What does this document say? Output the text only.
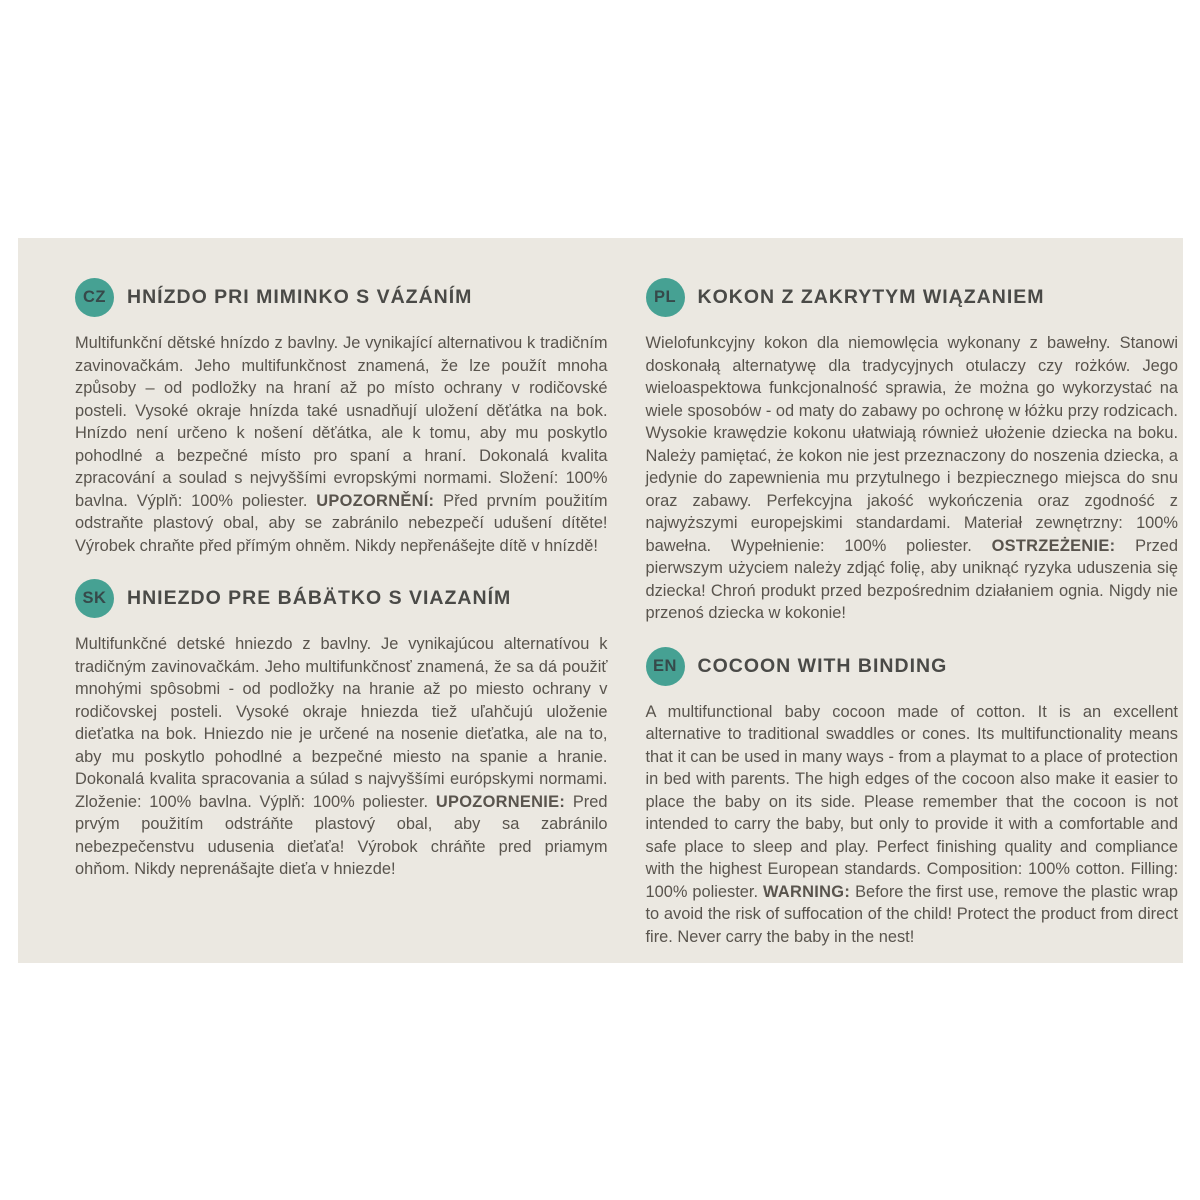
CZ	HNÍZDO PRI MIMINKO S VÁZÁNÍM

Multifunkční dětské hnízdo z bavlny. Je vynikající alternativou k tradičním zavinovačkám. Jeho multifunkčnost znamená, že lze použít mnoha způsoby – od podložky na hraní až po místo ochrany v rodičovské posteli. Vysoké okraje hnízda také usnadňují uložení děťátka na bok. Hnízdo není určeno k nošení děťátka, ale k tomu, aby mu poskytlo pohodlné a bezpečné místo pro spaní a hraní. Dokonalá kvalita zpracování a soulad s nejvyššími evropskými normami. Složení: 100% bavlna. Výplň: 100% poliester. UPOZORNĚNÍ: Před prvním použitím odstraňte plastový obal, aby se zabránilo nebezpečí udušení dítěte! Výrobek chraňte před přímým ohněm. Nikdy nepřenášejte dítě v hnízdě!

SK	HNIEZDO PRE BÁBÄTKO S VIAZANÍM

Multifunkčné detské hniezdo z bavlny. Je vynikajúcou alternatívou k tradičným zavinovačkám. Jeho multifunkčnosť znamená, že sa dá použiť mnohými spôsobmi - od podložky na hranie až po miesto ochrany v rodičovskej posteli. Vysoké okraje hniezda tiež uľahčujú uloženie dieťatka na bok. Hniezdo nie je určené na nosenie dieťatka, ale na to, aby mu poskytlo pohodlné a bezpečné miesto na spanie a hranie. Dokonalá kvalita spracovania a súlad s najvyššími európskymi normami. Zloženie: 100% bavlna. Výplň: 100% poliester. UPOZORNENIE: Pred prvým použitím odstráňte plastový obal, aby sa zabránilo nebezpečenstvu udusenia dieťaťa! Výrobok chráňte pred priamym ohňom. Nikdy neprenášajte dieťa v hniezde!

PL	KOKON Z ZAKRYTYM WIĄZANIEM

Wielofunkcyjny kokon dla niemowlęcia wykonany z bawełny. Stanowi doskonałą alternatywę dla tradycyjnych otulaczy czy rożków. Jego wieloaspektowa funkcjonalność sprawia, że można go wykorzystać na wiele sposobów - od maty do zabawy po ochronę w łóżku przy rodzicach. Wysokie krawędzie kokonu ułatwiają również ułożenie dziecka na boku. Należy pamiętać, że kokon nie jest przeznaczony do noszenia dziecka, a jedynie do zapewnienia mu przytulnego i bezpiecznego miejsca do snu oraz zabawy. Perfekcyjna jakość wykończenia oraz zgodność z najwyższymi europejskimi standardami. Materiał zewnętrzny: 100% bawełna. Wypełnienie: 100% poliester. OSTRZEŻENIE: Przed pierwszym użyciem należy zdjąć folię, aby uniknąć ryzyka uduszenia się dziecka! Chroń produkt przed bezpośrednim działaniem ognia. Nigdy nie przenoś dziecka w kokonie!

EN	COCOON WITH BINDING

A multifunctional baby cocoon made of cotton. It is an excellent alternative to traditional swaddles or cones. Its multifunctionality means that it can be used in many ways - from a playmat to a place of protection in bed with parents. The high edges of the cocoon also make it easier to place the baby on its side. Please remember that the cocoon is not intended to carry the baby, but only to provide it with a comfortable and safe place to sleep and play. Perfect finishing quality and compliance with the highest European standards. Composition: 100% cotton. Filling: 100% poliester. WARNING: Before the first use, remove the plastic wrap to avoid the risk of suffocation of the child! Protect the product from direct fire. Never carry the baby in the nest!
